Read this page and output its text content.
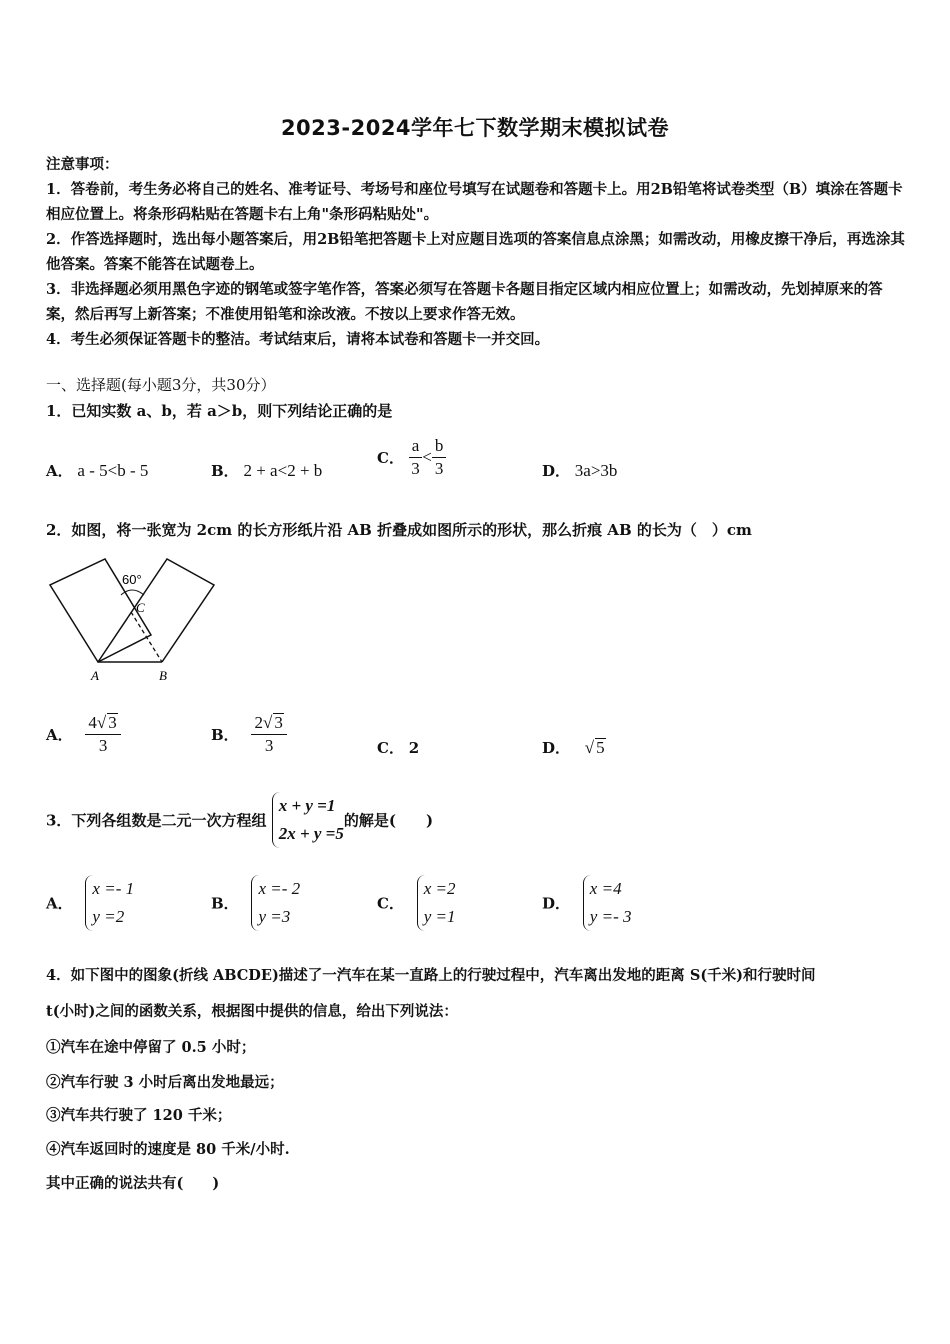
2023-2024学年七下数学期末模拟试卷

注意事项：

1．答卷前，考生务必将自己的姓名、准考证号、考场号和座位号填写在试题卷和答题卡上。用2B铅笔将试卷类型（B）填涂在答题卡相应位置上。将条形码粘贴在答题卡右上角"条形码粘贴处"。

2．作答选择题时，选出每小题答案后，用2B铅笔把答题卡上对应题目选项的答案信息点涂黑；如需改动，用橡皮擦干净后，再选涂其他答案。答案不能答在试题卷上。

3．非选择题必须用黑色字迹的钢笔或签字笔作答，答案必须写在答题卡各题目指定区域内相应位置上；如需改动，先划掉原来的答案，然后再写上新答案；不准使用铅笔和涂改液。不按以上要求作答无效。

4．考生必须保证答题卡的整洁。考试结束后，请将本试卷和答题卡一并交回。

一、选择题(每小题3分，共30分）
1．已知实数 a、b，若 a＞b，则下列结论正确的是
A． a - 5<b - 5	B． 2 + a<2 + b
C． $\frac{a}{3} < \frac{b}{3}$	D． 3a>3b
2．如图，将一张宽为 2cm 的长方形纸片沿 AB 折叠成如图所示的形状，那么折痕 AB 的长为（　）cm
60°
C
A	B
A． $\frac{4√ 3}{3}$	B． $\frac{2√ 3}{3}$	C． 2	D． √ 5
3．下列各组数是二元一次方程组
x + y =1
2x + y =5
的解是(　　)
A．
x =- 1
y =2
B．
x =- 2
y =3
C．
x =2
y =1
D．
x =4
y =- 3
4．如下图中的图象(折线 ABCDE)描述了一汽车在某一直路上的行驶过程中，汽车离出发地的距离 S(千米)和行驶时间
t(小时)之间的函数关系，根据图中提供的信息，给出下列说法：
①汽车在途中停留了 0.5 小时；
②汽车行驶 3 小时后离出发地最远；
③汽车共行驶了 120 千米；
④汽车返回时的速度是 80 千米/小时.
其中正确的说法共有(　　)
